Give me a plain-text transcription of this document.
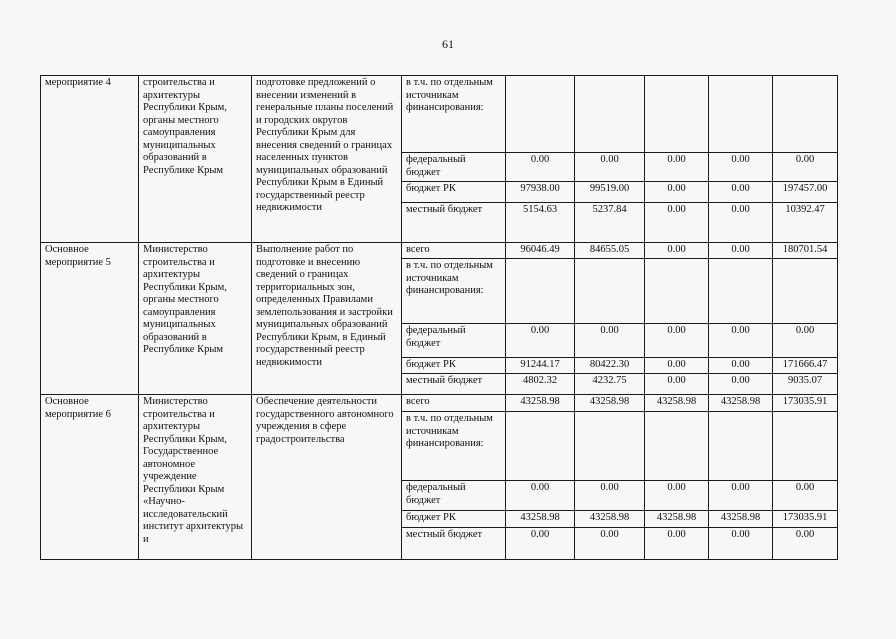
61
мероприятие 4	строительства и архитектуры Республики Крым, органы местного самоуправления муниципальных образований в Республике Крым	подготовке предложений о внесении изменений в генеральные планы поселений и городских округов Республики Крым для внесения сведений о границах населенных пунктов муниципальных образований Республики Крым в Единый государственный реестр недвижимости	в т.ч. по отдельным источникам финансирования:					
			федеральный бюджет	0.00	0.00	0.00	0.00	0.00
			бюджет РК	97938.00	99519.00	0.00	0.00	197457.00
			местный бюджет	5154.63	5237.84	0.00	0.00	10392.47
Основное мероприятие 5	Министерство строительства и архитектуры Республики Крым, органы местного самоуправления муниципальных образований в Республике Крым	Выполнение работ по подготовке и внесению сведений о границах территориальных зон, определенных Правилами землепользования и застройки муниципальных образований Республики Крым, в Единый государственный реестр недвижимости	всего	96046.49	84655.05	0.00	0.00	180701.54
			в т.ч. по отдельным источникам финансирования:					
			федеральный бюджет	0.00	0.00	0.00	0.00	0.00
			бюджет РК	91244.17	80422.30	0.00	0.00	171666.47
			местный бюджет	4802.32	4232.75	0.00	0.00	9035.07
Основное мероприятие 6	Министерство строительства и архитектуры Республики Крым, Государственное автономное учреждение Республики Крым «Научно-исследовательский институт архитектуры и	Обеспечение деятельности государственного автономного учреждения в сфере градостроительства	всего	43258.98	43258.98	43258.98	43258.98	173035.91
			в т.ч. по отдельным источникам финансирования:					
			федеральный бюджет	0.00	0.00	0.00	0.00	0.00
			бюджет РК	43258.98	43258.98	43258.98	43258.98	173035.91
			местный бюджет	0.00	0.00	0.00	0.00	0.00
